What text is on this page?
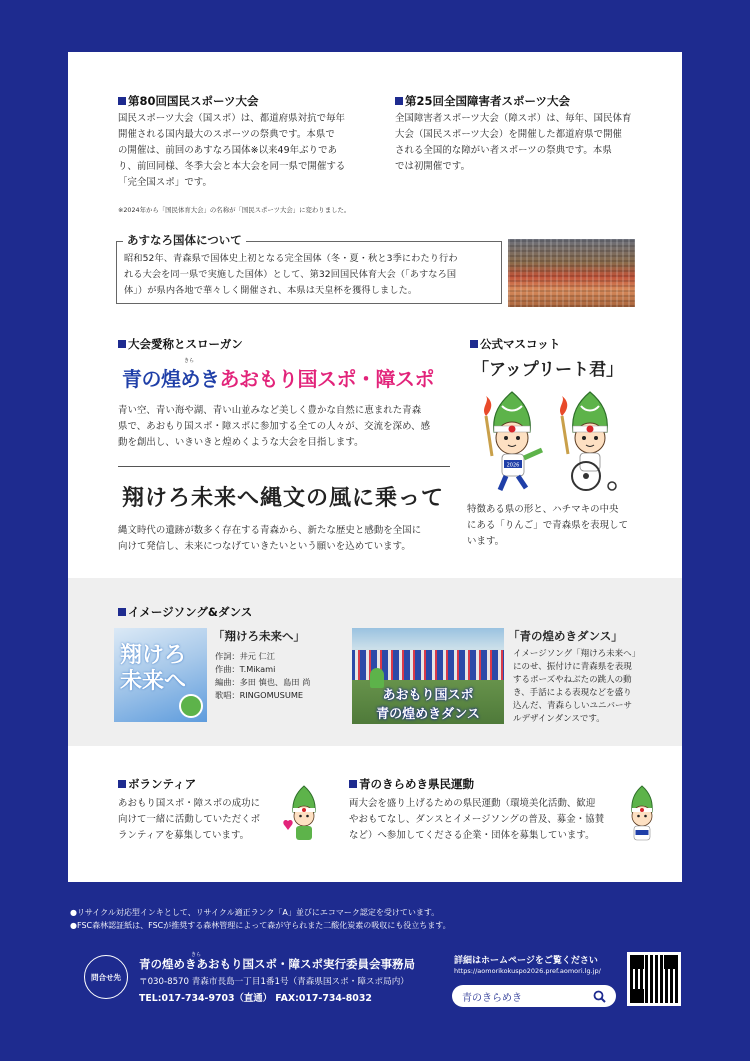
第80回国民スポーツ大会
国民スポーツ大会（国スポ）は、都道府県対抗で毎年
開催される国内最大のスポーツの祭典です。本県で
の開催は、前回のあすなろ国体※以来49年ぶりであ
り、前回同様、冬季大会と本大会を同一県で開催する
「完全国スポ」です。
※2024年から「国民体育大会」の名称が「国民スポーツ大会」に変わりました。
第25回全国障害者スポーツ大会
全国障害者スポーツ大会（障スポ）は、毎年、国民体育
大会（国民スポーツ大会）を開催した都道府県で開催
される全国的な障がい者スポーツの祭典です。本県
では初開催です。
あすなろ国体について
昭和52年、青森県で国体史上初となる完全国体（冬・夏・秋と3季にわたり行わ
れる大会を同一県で実施した国体）として、第32回国民体育大会（「あすなろ国
体」）が県内各地で華々しく開催され、本県は天皇杯を獲得しました。
大会愛称とスローガン
きら
青の煌めきあおもり国スポ・障スポ
青い空、青い海や湖、青い山並みなど美しく豊かな自然に恵まれた青森
県で、あおもり国スポ・障スポに参加する全ての人々が、交流を深め、感
動を創出し、いきいきと煌めくような大会を目指します。
翔けろ未来へ縄文の風に乗って
縄文時代の遺跡が数多く存在する青森から、新たな歴史と感動を全国に
向けて発信し、未来につなげていきたいという願いを込めています。
公式マスコット
「アップリート君」
2026
特徴ある県の形と、ハチマキの中央
にある「りんご」で青森県を表現して
います。
イメージソング&ダンス
翔けろ未来へ
「翔けろ未来へ」
作詞：井元 仁江
作曲：T.Mikami
編曲：多田 慎也、島田 尚
歌唱：RINGOMUSUME	あおもり国スポ
青の煌めきダンス
「青の煌めきダンス」
イメージソング「翔けろ未来へ」
にのせ、振付けに青森県を表現
するポーズやねぶたの跳人の動
き、手話による表現などを盛り
込んだ、青森らしいユニバーサ
ルデザインダンスです。
ボランティア
あおもり国スポ・障スポの成功に
向けて一緒に活動していただくボ
ランティアを募集しています。
青のきらめき県民運動
両大会を盛り上げるための県民運動（環境美化活動、歓迎
やおもてなし、ダンスとイメージソングの普及、募金・協賛
など）へ参加してくださる企業・団体を募集しています。
●リサイクル対応型インキとして、リサイクル適正ランク「A」並びにエコマーク認定を受けています。
●FSC森林認証紙は、FSCが推奨する森林管理によって森が守られまた二酸化炭素の吸収にも役立ちます。
問合せ先
きら
青の煌めきあおもり国スポ・障スポ実行委員会事務局
〒030-8570 青森市長島一丁目1番1号（青森県国スポ・障スポ局内）
TEL:017-734-9703（直通） FAX:017-734-8032
詳細はホームページをご覧ください
https://aomorikokuspo2026.pref.aomori.lg.jp/
青のきらめき
